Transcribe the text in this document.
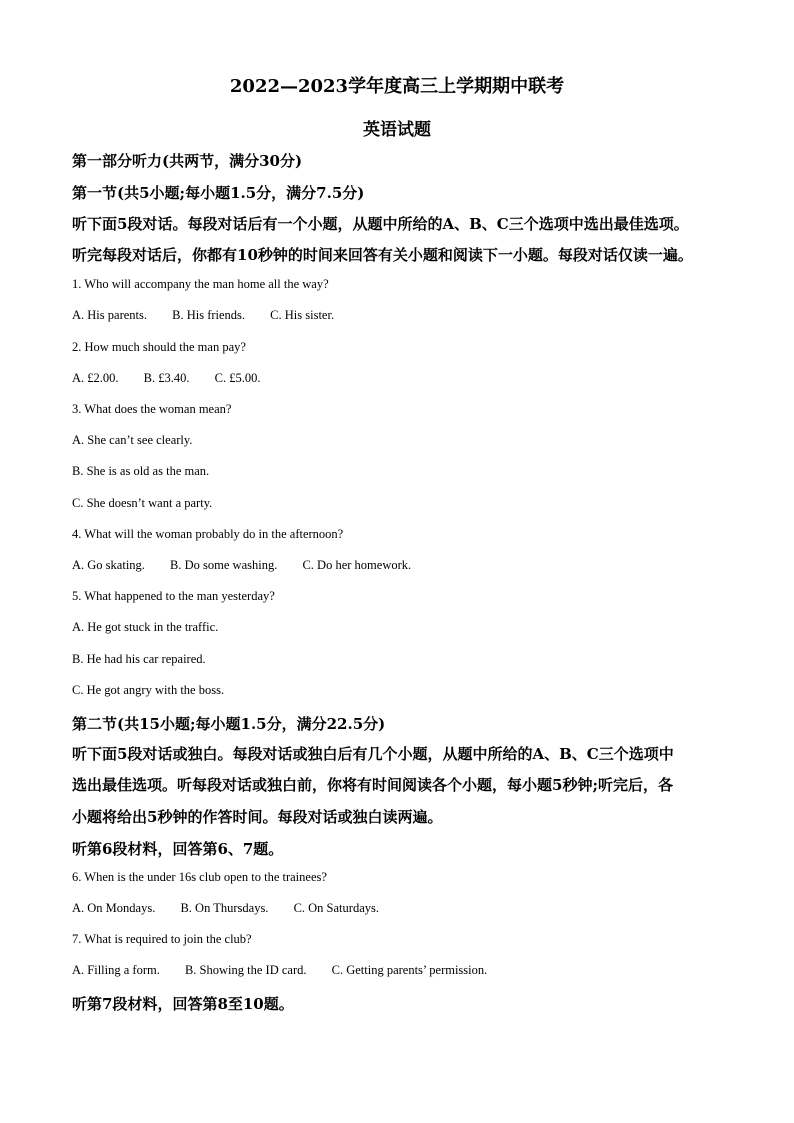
2022—2023学年度高三上学期期中联考
英语试题
第一部分听力(共两节，满分30分)
第一节(共5小题;每小题1.5分，满分7.5分)
听下面5段对话。每段对话后有一个小题，从题中所给的A、B、C三个选项中选出最佳选项。
听完每段对话后，你都有10秒钟的时间来回答有关小题和阅读下一小题。每段对话仅读一遍。
1. Who will accompany the man home all the way?
A. His parents. B. His friends. C. His sister.
2. How much should the man pay?
A. £2.00. B. £3.40. C. £5.00.
3. What does the woman mean?
A. She can’t see clearly.
B. She is as old as the man.
C. She doesn’t want a party.
4. What will the woman probably do in the afternoon?
A. Go skating. B. Do some washing. C. Do her homework.
5. What happened to the man yesterday?
A. He got stuck in the traffic.
B. He had his car repaired.
C. He got angry with the boss.
第二节(共15小题;每小题1.5分，满分22.5分)
听下面5段对话或独白。每段对话或独白后有几个小题，从题中所给的A、B、C三个选项中
选出最佳选项。听每段对话或独白前，你将有时间阅读各个小题，每小题5秒钟;听完后，各
小题将给出5秒钟的作答时间。每段对话或独白读两遍。
听第6段材料，回答第6、7题。
6. When is the under 16s club open to the trainees?
A. On Mondays. B. On Thursdays. C. On Saturdays.
7. What is required to join the club?
A. Filling a form. B. Showing the ID card. C. Getting parents’ permission.
听第7段材料，回答第8至10题。
